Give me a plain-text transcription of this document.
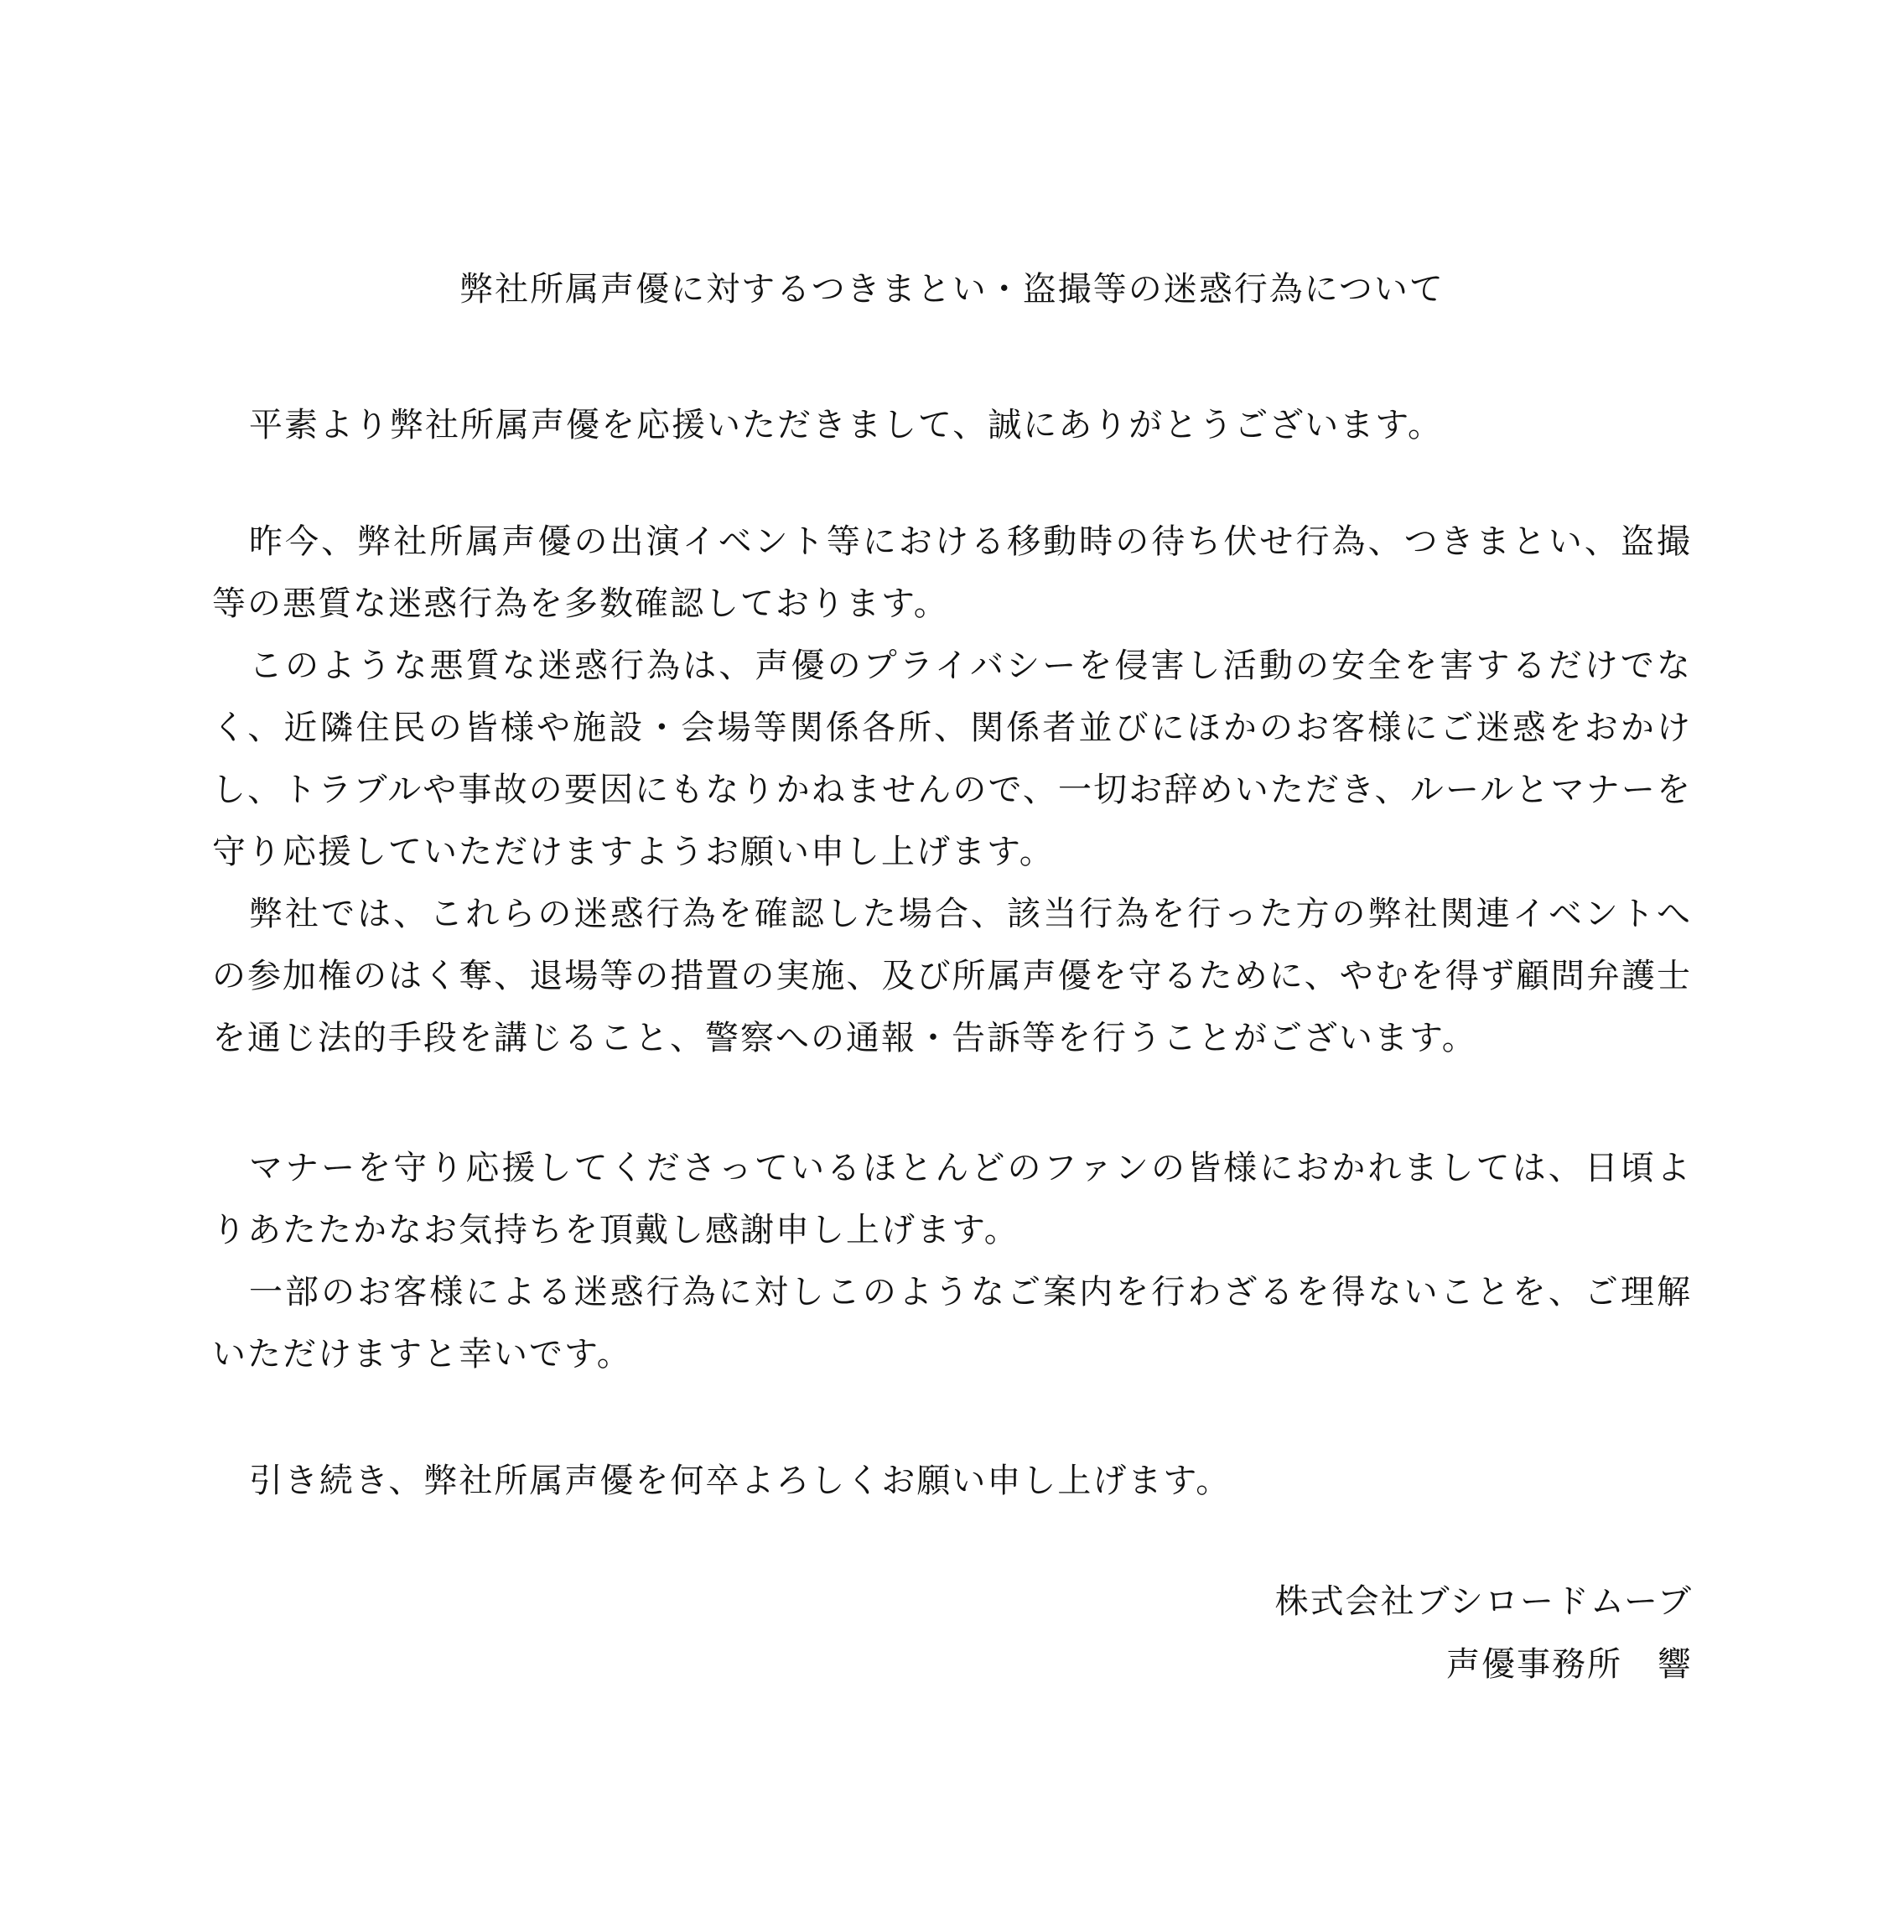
弊社所属声優に対するつきまとい・盗撮等の迷惑行為について

平素より弊社所属声優を応援いただきまして、誠にありがとうございます。

昨今、弊社所属声優の出演イベント等における移動時の待ち伏せ行為、つきまとい、盗撮等の悪質な迷惑行為を多数確認しております。

このような悪質な迷惑行為は、声優のプライバシーを侵害し活動の安全を害するだけでなく、近隣住民の皆様や施設・会場等関係各所、関係者並びにほかのお客様にご迷惑をおかけし、トラブルや事故の要因にもなりかねませんので、一切お辞めいただき、ルールとマナーを守り応援していただけますようお願い申し上げます。

弊社では、これらの迷惑行為を確認した場合、該当行為を行った方の弊社関連イベントへの参加権のはく奪、退場等の措置の実施、及び所属声優を守るために、やむを得ず顧問弁護士を通じ法的手段を講じること、警察への通報・告訴等を行うことがございます。

マナーを守り応援してくださっているほとんどのファンの皆様におかれましては、日頃よりあたたかなお気持ちを頂戴し感謝申し上げます。

一部のお客様による迷惑行為に対しこのようなご案内を行わざるを得ないことを、ご理解いただけますと幸いです。

引き続き、弊社所属声優を何卒よろしくお願い申し上げます。

株式会社ブシロードムーブ
声優事務所　響
